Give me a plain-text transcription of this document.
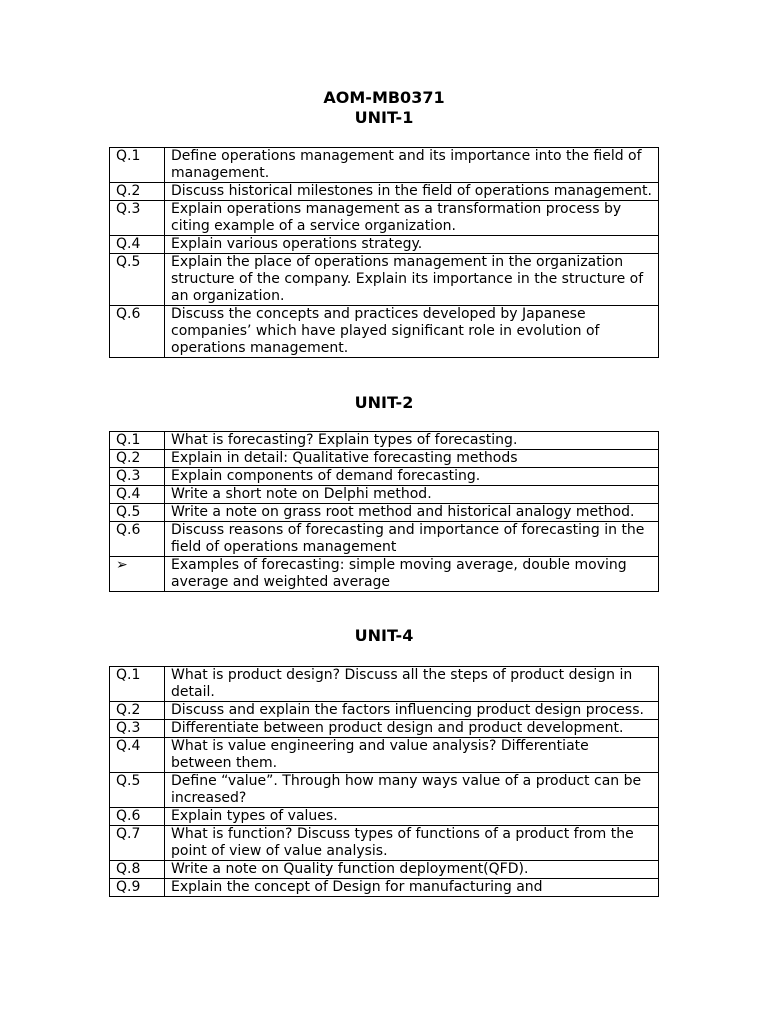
AOM-MB0371
UNIT-1
Q.1	Define operations management and its importance into the field of management.
Q.2	Discuss historical milestones in the field of operations management.
Q.3	Explain operations management as a transformation process by citing example of a service organization.
Q.4	Explain various operations strategy.
Q.5	Explain the place of operations management in the organization structure of the company. Explain its importance in the structure of an organization.
Q.6	Discuss the concepts and practices developed by Japanese companies’ which have played significant role in evolution of operations management.
UNIT-2
Q.1	What is forecasting? Explain types of forecasting.
Q.2	Explain in detail: Qualitative forecasting methods
Q.3	Explain components of demand forecasting.
Q.4	Write a short note on Delphi method.
Q.5	Write a note on grass root method and historical analogy method.
Q.6	Discuss reasons of forecasting and importance of forecasting in the field of operations management
➢	Examples of forecasting: simple moving average, double moving average and weighted average
UNIT-4
Q.1	What is product design? Discuss all the steps of product design in detail.
Q.2	Discuss and explain the factors influencing product design process.
Q.3	Differentiate between product design and product development.
Q.4	What is value engineering and value analysis? Differentiate between them.
Q.5	Define “value”. Through how many ways value of a product can be increased?
Q.6	Explain types of values.
Q.7	What is function? Discuss types of functions of a product from the point of view of value analysis.
Q.8	Write a note on Quality function deployment(QFD).
Q.9	Explain the concept of Design for manufacturing and
